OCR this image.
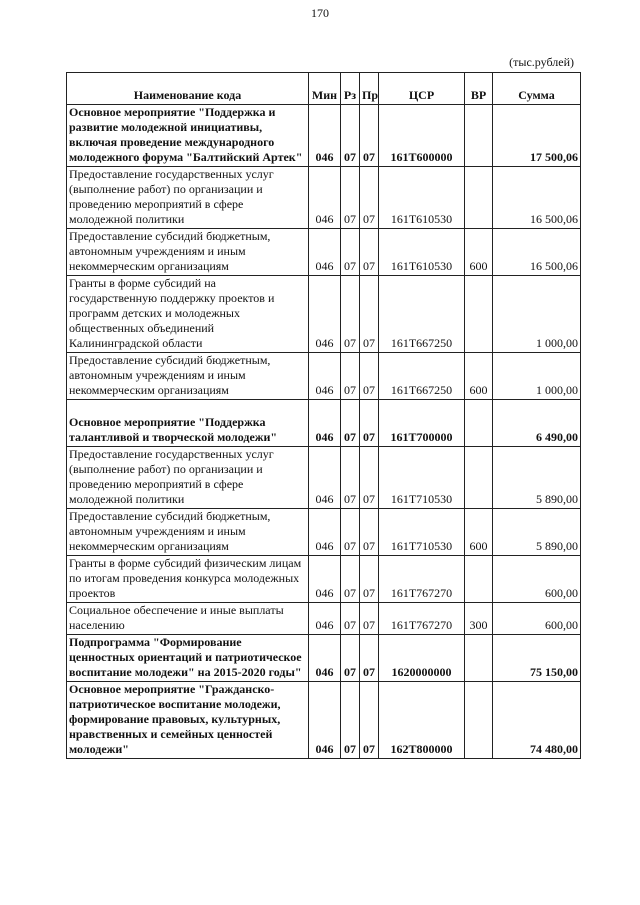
170
(тыс.рублей)
Наименование кода	Мин	Рз	Пр	ЦСР	ВР	Сумма
Основное мероприятие "Поддержка и развитие молодежной инициативы, включая проведение международного молодежного форума "Балтийский Артек"	046	07	07	161Т600000		17 500,06
Предоставление государственных услуг (выполнение работ) по организации и проведению мероприятий в сфере молодежной политики	046	07	07	161Т610530		16 500,06
Предоставление субсидий бюджетным, автономным учреждениям и иным некоммерческим организациям	046	07	07	161Т610530	600	16 500,06
Гранты в форме субсидий на государственную поддержку проектов и программ детских и молодежных общественных объединений Калининградской области	046	07	07	161Т667250		1 000,00
Предоставление субсидий бюджетным, автономным учреждениям и иным некоммерческим организациям	046	07	07	161Т667250	600	1 000,00
Основное мероприятие "Поддержка талантливой и творческой молодежи"	046	07	07	161Т700000		6 490,00
Предоставление государственных услуг (выполнение работ) по организации и проведению мероприятий в сфере молодежной политики	046	07	07	161Т710530		5 890,00
Предоставление субсидий бюджетным, автономным учреждениям и иным некоммерческим организациям	046	07	07	161Т710530	600	5 890,00
Гранты в форме субсидий физическим лицам по итогам проведения конкурса молодежных проектов	046	07	07	161Т767270		600,00
Социальное обеспечение и иные выплаты населению	046	07	07	161Т767270	300	600,00
Подпрограмма "Формирование ценностных ориентаций и патриотическое воспитание молодежи" на 2015-2020 годы"	046	07	07	1620000000		75 150,00
Основное мероприятие "Гражданско-патриотическое воспитание молодежи, формирование правовых, культурных, нравственных и семейных ценностей молодежи"	046	07	07	162Т800000		74 480,00
